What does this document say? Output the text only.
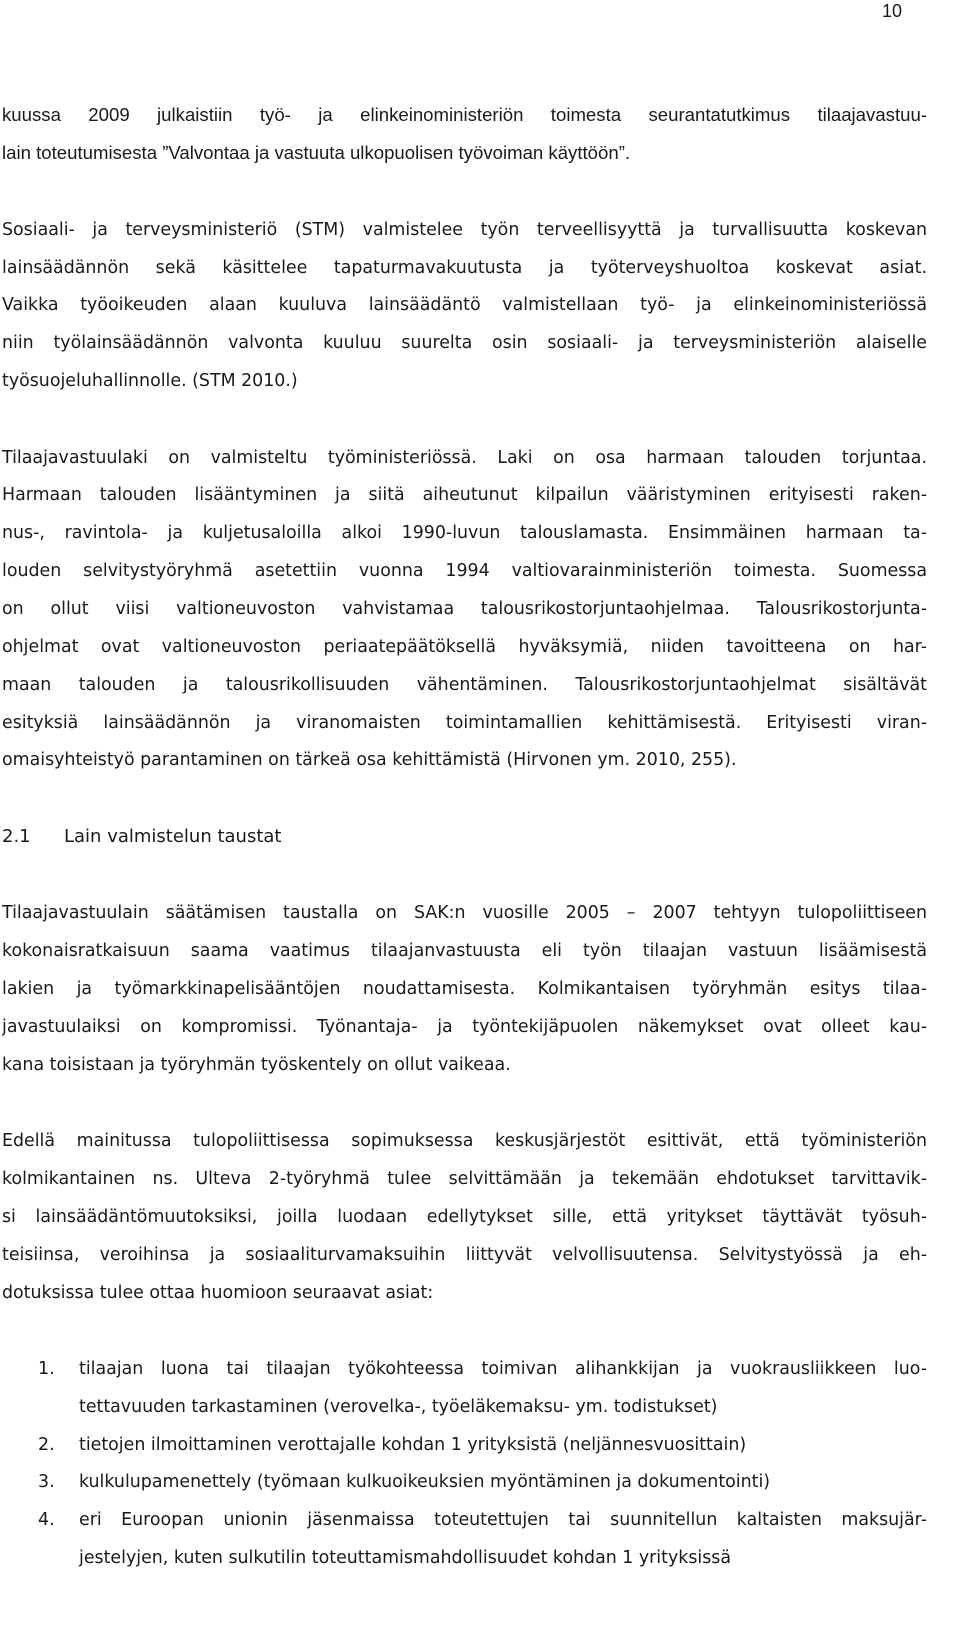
10
kuussa 2009 julkaistiin työ- ja elinkeinoministeriön toimesta seurantatutkimus tilaajavastuu-
lain toteutumisesta ”Valvontaa ja vastuuta ulkopuolisen työvoiman käyttöön”.
Sosiaali- ja terveysministeriö (STM) valmistelee työn terveellisyyttä ja turvallisuutta koskevan
lainsäädännön sekä käsittelee tapaturmavakuutusta ja työterveyshuoltoa koskevat asiat.
Vaikka työoikeuden alaan kuuluva lainsäädäntö valmistellaan työ- ja elinkeinoministeriössä
niin työlainsäädännön valvonta kuuluu suurelta osin sosiaali- ja terveysministeriön alaiselle
työsuojeluhallinnolle. (STM 2010.)
Tilaajavastuulaki on valmisteltu työministeriössä. Laki on osa harmaan talouden torjuntaa.
Harmaan talouden lisääntyminen ja siitä aiheutunut kilpailun vääristyminen erityisesti raken-
nus-, ravintola- ja kuljetusaloilla alkoi 1990-luvun talouslamasta. Ensimmäinen harmaan ta-
louden selvitystyöryhmä asetettiin vuonna 1994 valtiovarainministeriön toimesta. Suomessa
on ollut viisi valtioneuvoston vahvistamaa talousrikostorjuntaohjelmaa. Talousrikostorjunta-
ohjelmat ovat valtioneuvoston periaatepäätöksellä hyväksymiä, niiden tavoitteena on har-
maan talouden ja talousrikollisuuden vähentäminen. Talousrikostorjuntaohjelmat sisältävät
esityksiä lainsäädännön ja viranomaisten toimintamallien kehittämisestä. Erityisesti viran-
omaisyhteistyö parantaminen on tärkeä osa kehittämistä (Hirvonen ym. 2010, 255).
2.1 Lain valmistelun taustat
Tilaajavastuulain säätämisen taustalla on SAK:n vuosille 2005 – 2007 tehtyyn tulopoliittiseen
kokonaisratkaisuun saama vaatimus tilaajanvastuusta eli työn tilaajan vastuun lisäämisestä
lakien ja työmarkkinapelisääntöjen noudattamisesta. Kolmikantaisen työryhmän esitys tilaa-
javastuulaiksi on kompromissi. Työnantaja- ja työntekijäpuolen näkemykset ovat olleet kau-
kana toisistaan ja työryhmän työskentely on ollut vaikeaa.
Edellä mainitussa tulopoliittisessa sopimuksessa keskusjärjestöt esittivät, että työministeriön
kolmikantainen ns. Ulteva 2-työryhmä tulee selvittämään ja tekemään ehdotukset tarvittavik-
si lainsäädäntömuutoksiksi, joilla luodaan edellytykset sille, että yritykset täyttävät työsuh-
teisiinsa, veroihinsa ja sosiaaliturvamaksuihin liittyvät velvollisuutensa. Selvitystyössä ja eh-
dotuksissa tulee ottaa huomioon seuraavat asiat:
1. tilaajan luona tai tilaajan työkohteessa toimivan alihankkijan ja vuokrausliikkeen luo-
tettavuuden tarkastaminen (verovelka-, työeläkemaksu- ym. todistukset)
2. tietojen ilmoittaminen verottajalle kohdan 1 yrityksistä (neljännesvuosittain)
3. kulkulupamenettely (työmaan kulkuoikeuksien myöntäminen ja dokumentointi)
4. eri Euroopan unionin jäsenmaissa toteutettujen tai suunnitellun kaltaisten maksujär-
jestelyjen, kuten sulkutilin toteuttamismahdollisuudet kohdan 1 yrityksissä
